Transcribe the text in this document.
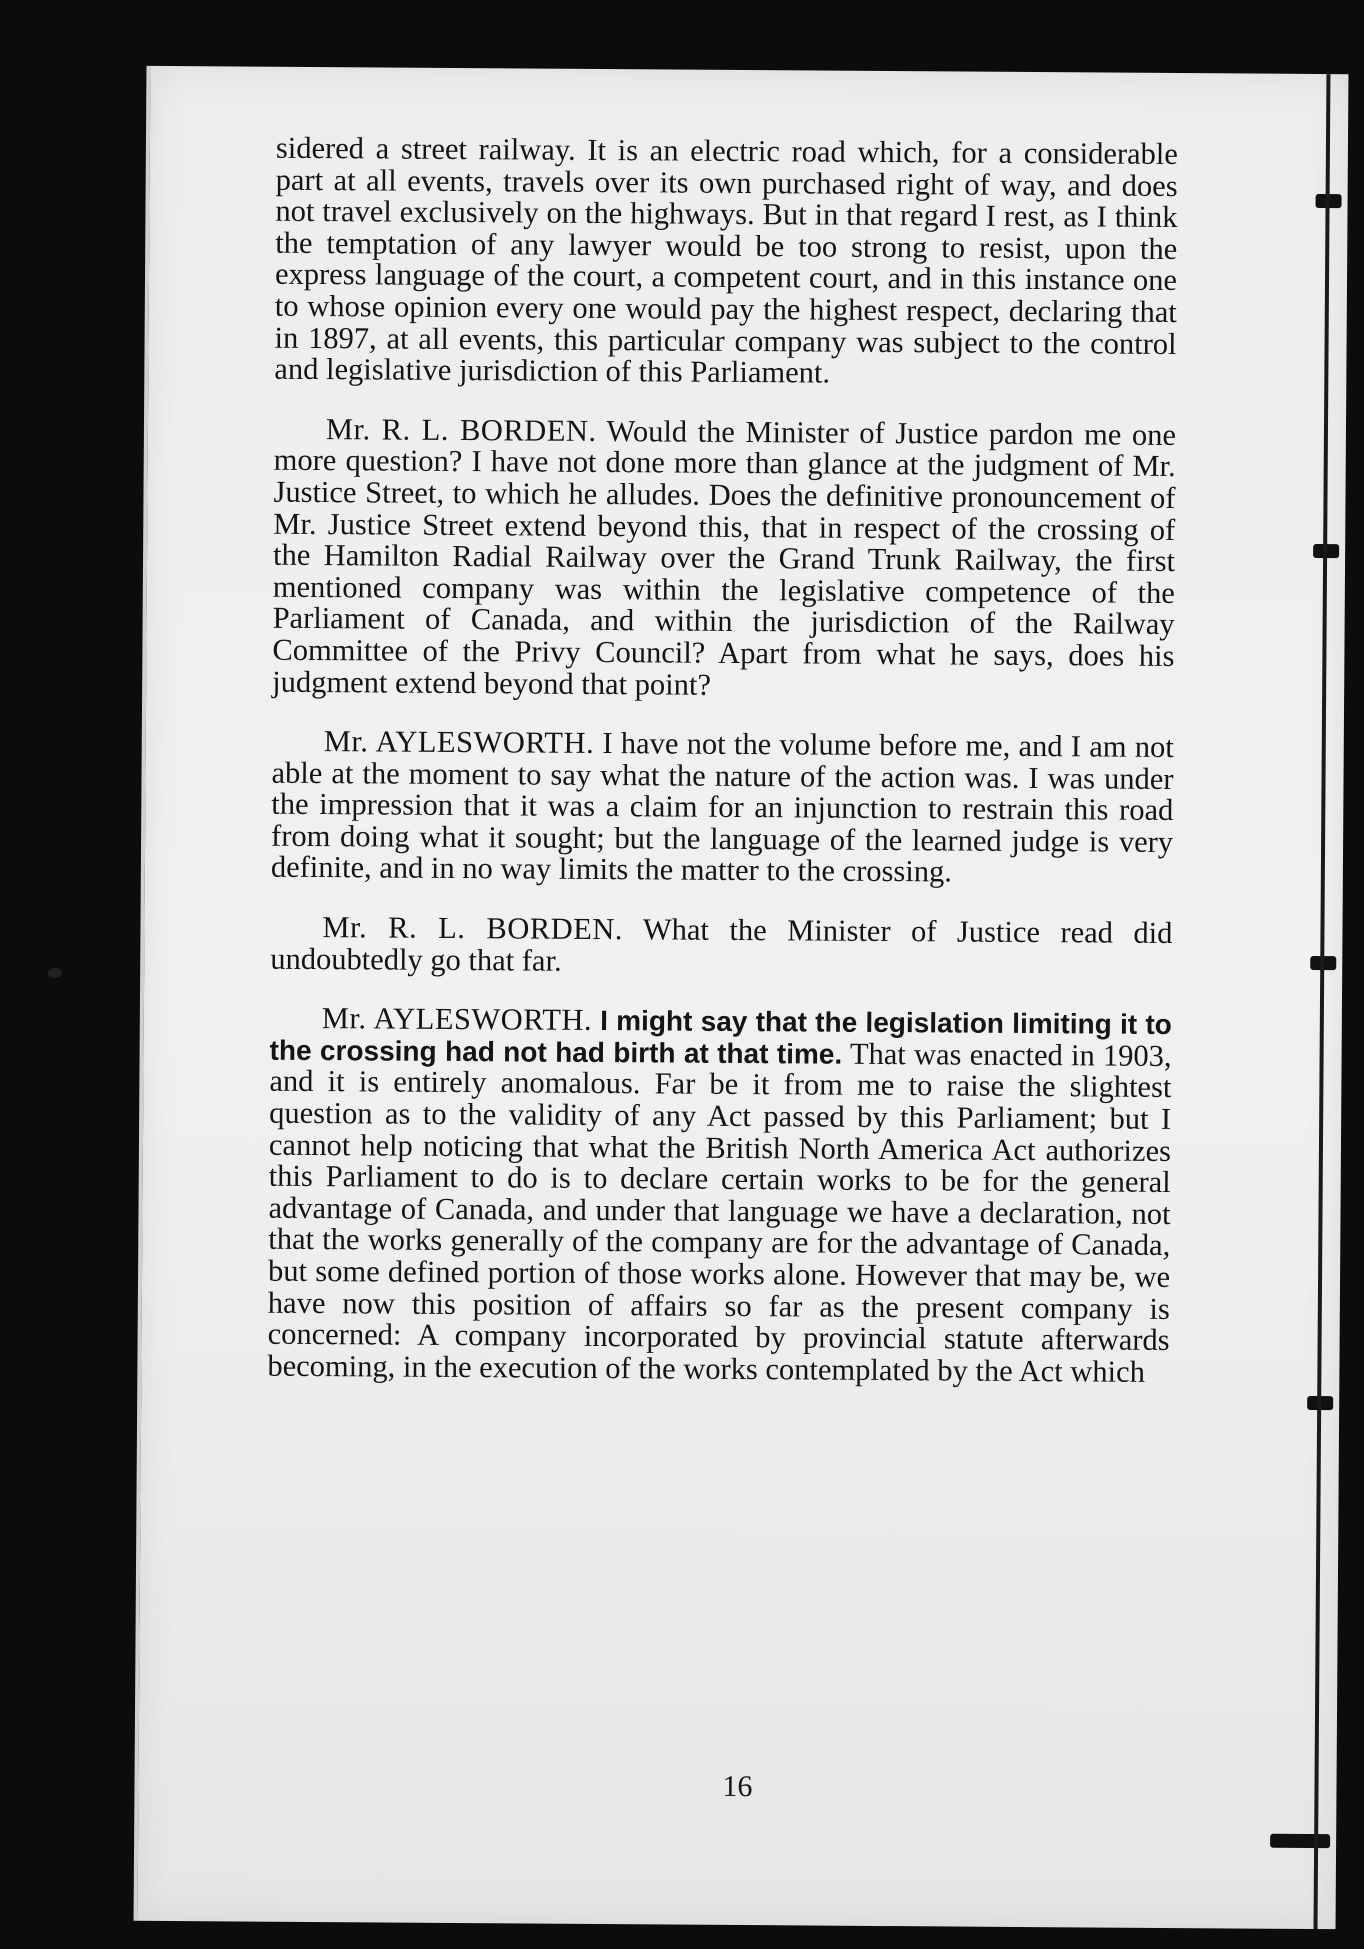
sidered a street railway. It is an electric road which, for a considerable part at all events, travels over its own purchased right of way, and does not travel exclusively on the highways. But in that regard I rest, as I think the temptation of any lawyer would be too strong to resist, upon the express language of the court, a competent court, and in this instance one to whose opinion every one would pay the highest respect, declaring that in 1897, at all events, this particular company was subject to the control and legislative jurisdiction of this Parliament.

Mr. R. L. BORDEN. Would the Minister of Justice pardon me one more question? I have not done more than glance at the judgment of Mr. Justice Street, to which he alludes. Does the definitive pronouncement of Mr. Justice Street extend beyond this, that in respect of the crossing of the Hamilton Radial Railway over the Grand Trunk Railway, the first mentioned company was within the legislative competence of the Parliament of Canada, and within the jurisdiction of the Railway Committee of the Privy Council? Apart from what he says, does his judgment extend beyond that point?

Mr. AYLESWORTH. I have not the volume before me, and I am not able at the moment to say what the nature of the action was. I was under the impression that it was a claim for an injunction to restrain this road from doing what it sought; but the language of the learned judge is very definite, and in no way limits the matter to the crossing.

Mr. R. L. BORDEN. What the Minister of Justice read did undoubtedly go that far.

Mr. AYLESWORTH. I might say that the legislation limiting it to the crossing had not had birth at that time. That was enacted in 1903, and it is entirely anomalous. Far be it from me to raise the slightest question as to the validity of any Act passed by this Parliament; but I cannot help noticing that what the British North America Act authorizes this Parliament to do is to declare certain works to be for the general advantage of Canada, and under that language we have a declaration, not that the works generally of the company are for the advantage of Canada, but some defined portion of those works alone. However that may be, we have now this position of affairs so far as the present company is concerned: A company incorporated by provincial statute afterwards becoming, in the execution of the works contemplated by the Act which

16
